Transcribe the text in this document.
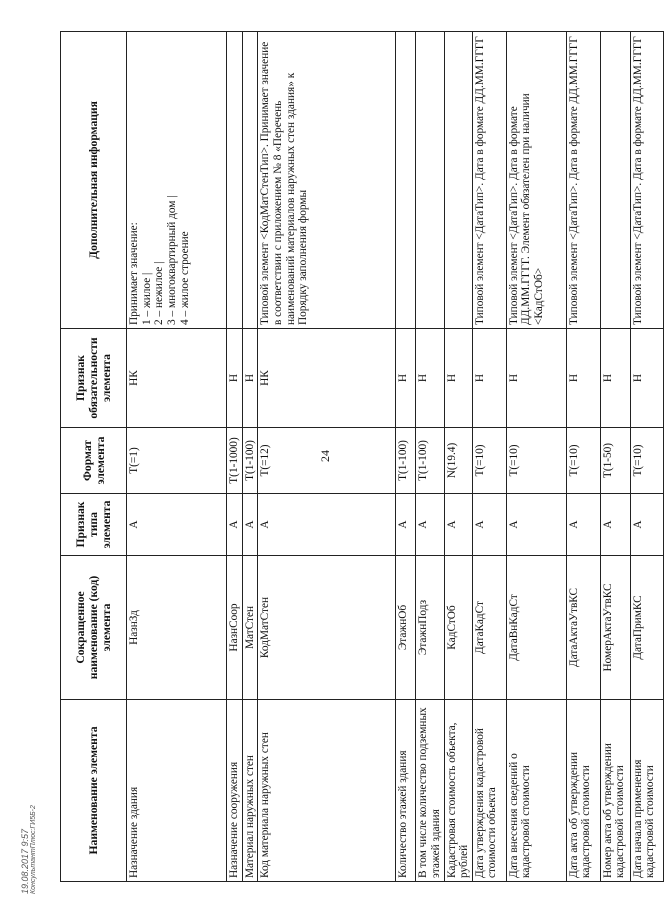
24
Наименование элемента	Сокращенное наименование (код) элемента	Признак типа элемента	Формат элемента	Признак обязательности элемента	Дополнительная информация
Назначение здания	НазнЗд	А	Т(=1)	НК	Принимает значение: 1 – жилое | 2 – нежилое | 3 – многоквартирный дом | 4 – жилое строение

Назначение сооружения	НазнСоор	А	Т(1-1000)	Н	
Материал наружных стен	МатСтен	А	Т(1-100)	Н	
Код материала наружных стен	КодМатСтен	А	Т(=12)	НК	Типовой элемент <КодМатСтенТип>. Принимает значение в соответствии с приложением № 8 «Перечень наименований материалов наружных стен здания» к Порядку заполнения формы
Количество этажей здания	ЭтажнОб	А	Т(1-100)	Н	
В том числе количество подземных этажей здания	ЭтажнПодз	А	Т(1-100)	Н	
Кадастровая стоимость объекта, рублей	КадСтОб	А	N(19.4)	Н	
Дата утверждения кадастровой стоимости объекта	ДатаКадСт	А	Т(=10)	Н	Типовой элемент <ДатаТип>. Дата в формате ДД.ММ.ГГГГ
Дата внесения сведений о кадастровой стоимости	ДатаВнКадСт	А	Т(=10)	Н	Типовой элемент <ДатаТип>. Дата в формате ДД.ММ.ГГГГ. Элемент обязателен при наличии <КадСтОб>
Дата акта об утверждении кадастровой стоимости	ДатаАктаУтвКС	А	Т(=10)	Н	Типовой элемент <ДатаТип>. Дата в формате ДД.ММ.ГГГГ
Номер акта об утверждении кадастровой стоимости	НомерАктаУтвКС	А	Т(1-50)	Н	
Дата начала применения кадастровой стоимости	ДатаПримКС	А	Т(=10)	Н	Типовой элемент <ДатаТип>. Дата в формате ДД.ММ.ГГГГ
19.08.2017 9:57 КонсультантПлюс:ГИ5Б-2
